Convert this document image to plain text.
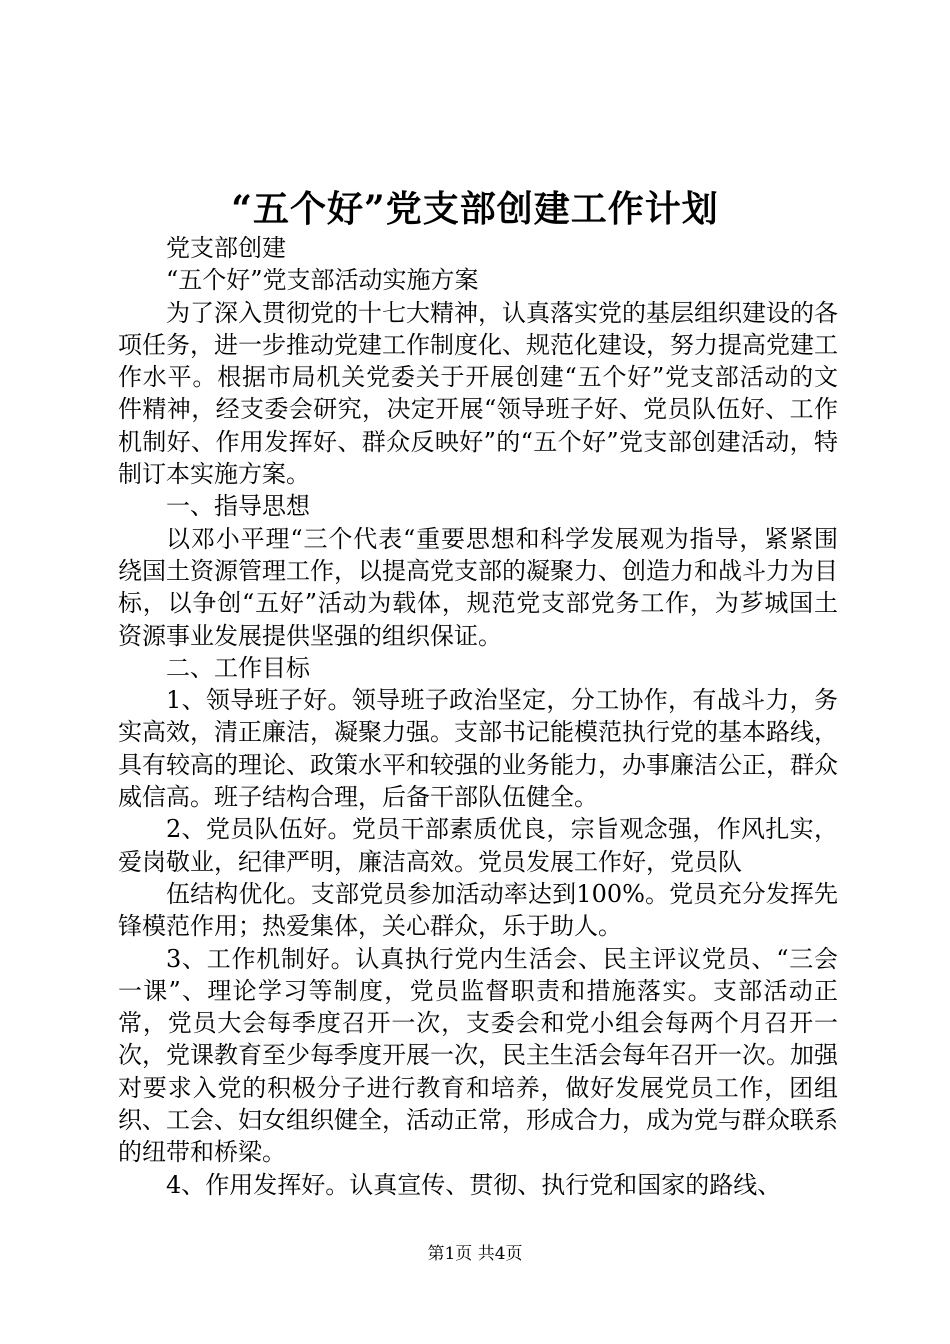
“五个好”党支部创建工作计划

党支部创建

“五个好”党支部活动实施方案

为了深入贯彻党的十七大精神，认真落实党的基层组织建设的各项任务，进一步推动党建工作制度化、规范化建设，努力提高党建工作水平。根据市局机关党委关于开展创建“五个好”党支部活动的文件精神，经支委会研究，决定开展“领导班子好、党员队伍好、工作机制好、作用发挥好、群众反映好”的“五个好”党支部创建活动，特制订本实施方案。

一、指导思想

以邓小平理“三个代表“重要思想和科学发展观为指导，紧紧围绕国土资源管理工作，以提高党支部的凝聚力、创造力和战斗力为目标，以争创“五好”活动为载体，规范党支部党务工作，为芗城国土资源事业发展提供坚强的组织保证。

二、工作目标

1、领导班子好。领导班子政治坚定，分工协作，有战斗力，务实高效，清正廉洁，凝聚力强。支部书记能模范执行党的基本路线，具有较高的理论、政策水平和较强的业务能力，办事廉洁公正，群众威信高。班子结构合理，后备干部队伍健全。

2、党员队伍好。党员干部素质优良，宗旨观念强，作风扎实，爱岗敬业，纪律严明，廉洁高效。党员发展工作好，党员队

伍结构优化。支部党员参加活动率达到100%。党员充分发挥先锋模范作用；热爱集体，关心群众，乐于助人。

3、工作机制好。认真执行党内生活会、民主评议党员、“三会一课”、理论学习等制度，党员监督职责和措施落实。支部活动正常，党员大会每季度召开一次，支委会和党小组会每两个月召开一次，党课教育至少每季度开展一次，民主生活会每年召开一次。加强对要求入党的积极分子进行教育和培养，做好发展党员工作，团组织、工会、妇女组织健全，活动正常，形成合力，成为党与群众联系的纽带和桥梁。

4、作用发挥好。认真宣传、贯彻、执行党和国家的路线、

第1页 共4页
